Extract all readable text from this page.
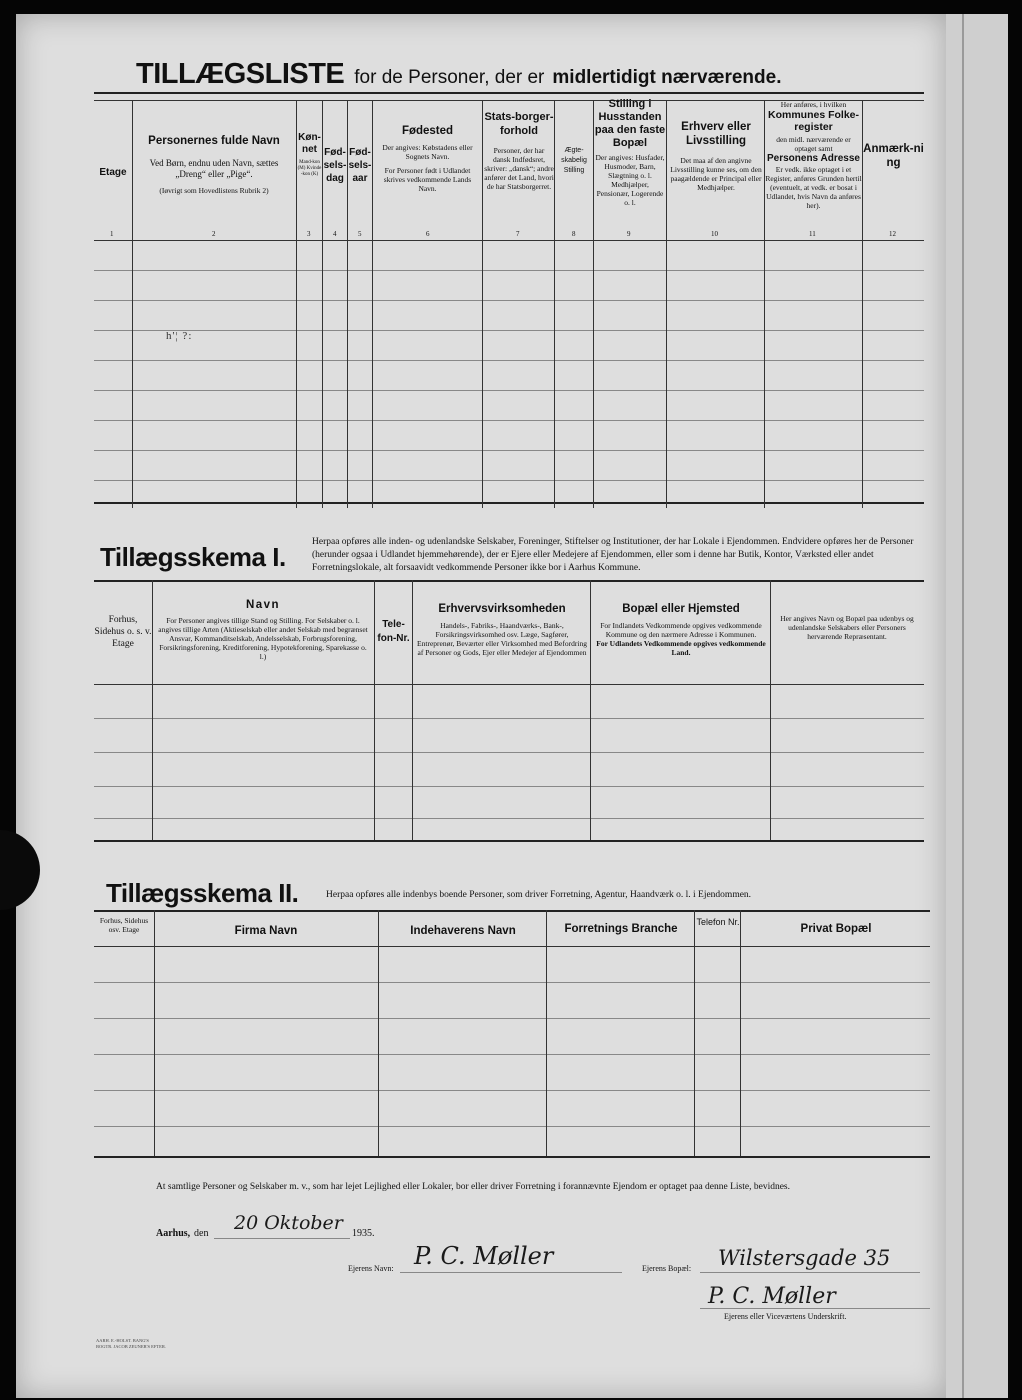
TILLÆGSLISTE for de Personer, der er midlertidigt nærværende.
Etage
Personernes fulde Navn
Ved Børn, endnu uden Navn, sættes „Dreng“ eller „Pige“.
(Iøvrigt som Hovedlistens Rubrik 2)
Køn-net
Mand-kon (M) Kvinde-kon (K)
Fød-sels-dag
Fød-sels-aar
Fødested
Der angives: Købstadens eller Sognets Navn.
For Personer født i Udlandet skrives vedkommende Lands Navn.
Stats-borger-forhold
Personer, der har dansk Indfødsret, skriver: „dansk“; andre anfører det Land, hvori de har Statsborgerret.
Ægte-skabelig Stilling
Stilling i Husstanden paa den faste Bopæl
Der angives: Husfader, Husmoder, Barn, Slægtning o. l. Medhjælper, Pensionær, Logerende o. l.
Erhverv eller Livsstilling
Det maa af den angivne Livsstilling kunne ses, om den paagældende er Principal eller Medhjælper.
Her anføres, i hvilken
Kommunes Folke-register
den midl. nærværende er optaget samt
Personens Adresse
Er vedk. ikke optaget i et Register, anføres Grunden hertil (eventuelt, at vedk. er bosat i Udlandet, hvis Navn da anføres her).
Anmærk-ning
1	2	3	4	5	6	7	8	9	10	11	12
h'¦ ?:
Tillægsskema I.	Herpaa opføres alle inden- og udenlandske Selskaber, Foreninger, Stiftelser og Institutioner, der har Lokale i Ejendommen. Endvidere opføres her de Personer (herunder ogsaa i Udlandet hjemmehørende), der er Ejere eller Medejere af Ejendommen, eller som i denne har Butik, Kontor, Værksted eller andet Forretningslokale, alt forsaavidt vedkommende Personer ikke bor i Aarhus Kommune.
Forhus, Sidehus o. s. v. Etage
Navn
For Personer angives tillige Stand og Stilling. For Selskaber o. l. angives tillige Arten (Aktieselskab eller andet Selskab med begrænset Ansvar, Kommanditselskab, Andelsselskab, Forbrugsforening, Forsikringsforening, Kreditforening, Hypotekforening, Sparekasse o. l.)
Tele-fon-Nr.
Erhvervsvirksomheden
Handels-, Fabriks-, Haandværks-, Bank-, Forsikringsvirksomhed osv. Læge, Sagfører, Entreprenør, Beværter eller Virksomhed med Befordring af Personer og Gods, Ejer eller Medejer af Ejendommen
Bopæl eller Hjemsted
For Indlandets Vedkommende opgives vedkommende Kommune og den nærmere Adresse i Kommunen.
For Udlandets Vedkommende opgives vedkommende Land.
Her angives Navn og Bopæl paa udenbys og udenlandske Selskabers eller Personers herværende Repræsentant.
Tillægsskema II.	Herpaa opføres alle indenbys boende Personer, som driver Forretning, Agentur, Haandværk o. l. i Ejendommen.
Forhus, Sidehus osv. Etage	Firma Navn	Indehaverens Navn	Forretnings Branche
Telefon Nr.
Privat Bopæl
At samtlige Personer og Selskaber m. v., som har lejet Lejlighed eller Lokaler, bor eller driver Forretning i forannævnte Ejendom er optaget paa denne Liste, bevidnes.
Aarhus, den 20 Oktober 1935.
Ejerens Navn: P. C. Møller	Ejerens Bopæl: Wilstersgade 35
P. C. Møller
Ejerens eller Viceværtens Underskrift.
AARH. E.-HOLST. BANG'S BOGTR. JACOB ZEUNER'S EFTER.
